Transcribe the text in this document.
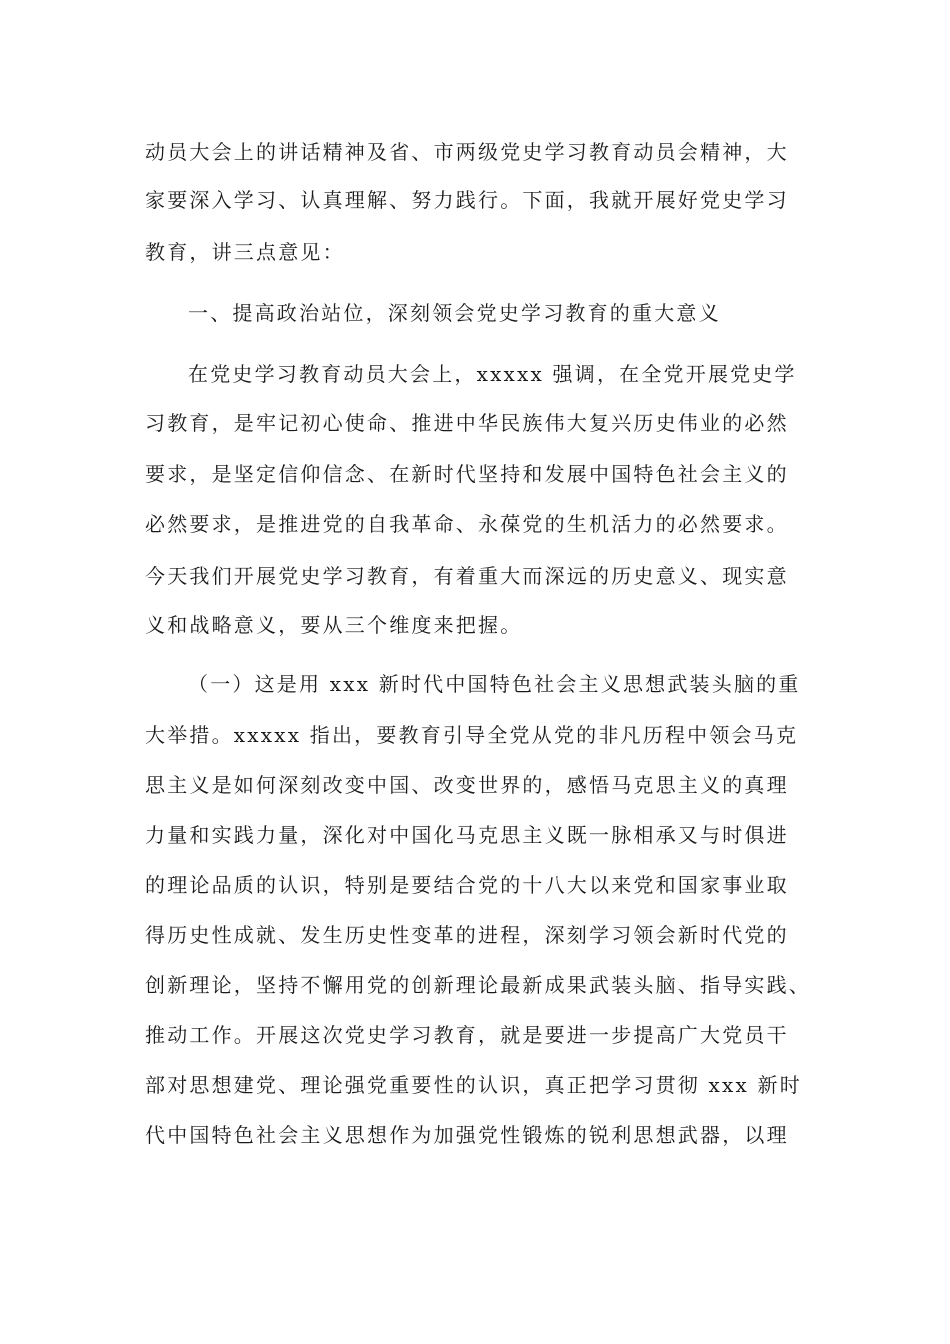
动员大会上的讲话精神及省、市两级党史学习教育动员会精神，大
家要深入学习、认真理解、努力践行。下面，我就开展好党史学习
教育，讲三点意见：
一、提高政治站位，深刻领会党史学习教育的重大意义
在党史学习教育动员大会上，xxxxx 强调，在全党开展党史学
习教育，是牢记初心使命、推进中华民族伟大复兴历史伟业的必然
要求，是坚定信仰信念、在新时代坚持和发展中国特色社会主义的
必然要求，是推进党的自我革命、永葆党的生机活力的必然要求。
今天我们开展党史学习教育，有着重大而深远的历史意义、现实意
义和战略意义，要从三个维度来把握。
（一）这是用 xxx 新时代中国特色社会主义思想武装头脑的重
大举措。xxxxx 指出，要教育引导全党从党的非凡历程中领会马克
思主义是如何深刻改变中国、改变世界的，感悟马克思主义的真理
力量和实践力量，深化对中国化马克思主义既一脉相承又与时俱进
的理论品质的认识，特别是要结合党的十八大以来党和国家事业取
得历史性成就、发生历史性变革的进程，深刻学习领会新时代党的
创新理论，坚持不懈用党的创新理论最新成果武装头脑、指导实践、
推动工作。开展这次党史学习教育，就是要进一步提高广大党员干
部对思想建党、理论强党重要性的认识，真正把学习贯彻 xxx 新时
代中国特色社会主义思想作为加强党性锻炼的锐利思想武器，以理
